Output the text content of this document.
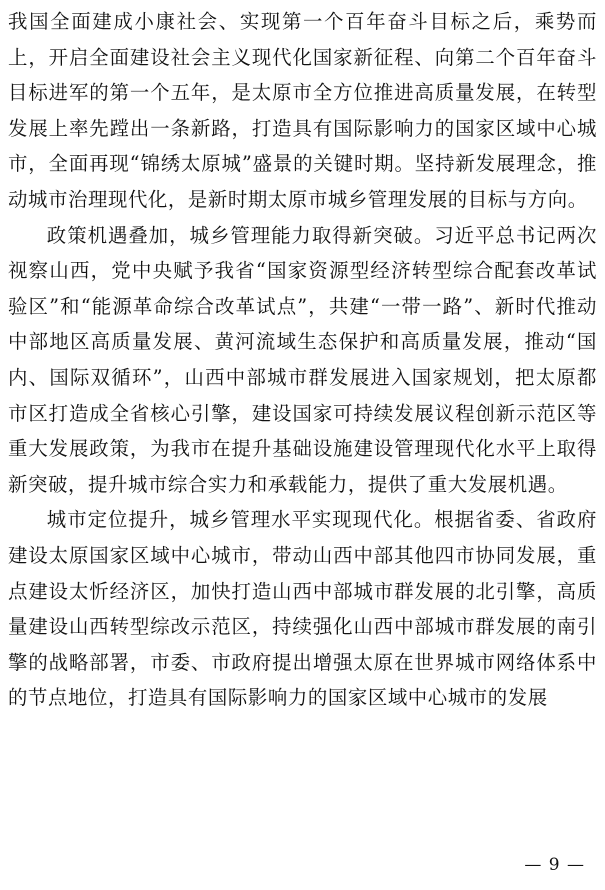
我国全面建成小康社会、实现第一个百年奋斗目标之后，乘势而上，开启全面建设社会主义现代化国家新征程、向第二个百年奋斗目标进军的第一个五年，是太原市全方位推进高质量发展，在转型发展上率先蹚出一条新路，打造具有国际影响力的国家区域中心城市，全面再现“锦绣太原城”盛景的关键时期。坚持新发展理念，推动城市治理现代化，是新时期太原市城乡管理发展的目标与方向。

政策机遇叠加，城乡管理能力取得新突破。习近平总书记两次视察山西，党中央赋予我省“国家资源型经济转型综合配套改革试验区”和“能源革命综合改革试点”，共建“一带一路”、新时代推动中部地区高质量发展、黄河流域生态保护和高质量发展，推动“国内、国际双循环”，山西中部城市群发展进入国家规划，把太原都市区打造成全省核心引擎，建设国家可持续发展议程创新示范区等重大发展政策，为我市在提升基础设施建设管理现代化水平上取得新突破，提升城市综合实力和承载能力，提供了重大发展机遇。

城市定位提升，城乡管理水平实现现代化。根据省委、省政府建设太原国家区域中心城市，带动山西中部其他四市协同发展，重点建设太忻经济区，加快打造山西中部城市群发展的北引擎，高质量建设山西转型综改示范区，持续强化山西中部城市群发展的南引擎的战略部署，市委、市政府提出增强太原在世界城市网络体系中的节点地位，打造具有国际影响力的国家区域中心城市的发展

— 9 —
